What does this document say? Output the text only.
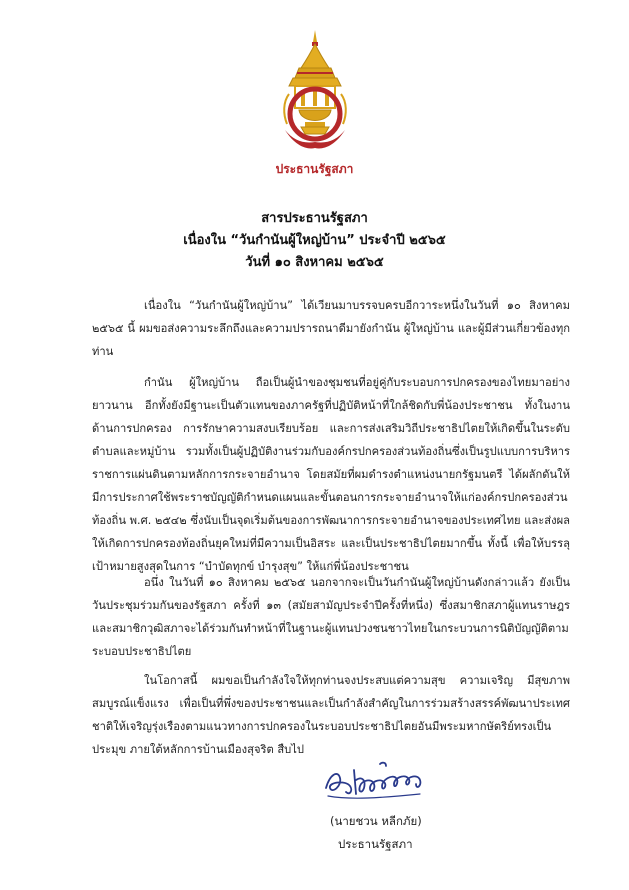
ประธานรัฐสภา
สารประธานรัฐสภา
เนื่องใน “วันกำนันผู้ใหญ่บ้าน” ประจำปี ๒๕๖๕
วันที่ ๑๐ สิงหาคม ๒๕๖๕

เนื่องใน “วันกำนันผู้ใหญ่บ้าน” ได้เวียนมาบรรจบครบอีกวาระหนึ่งในวันที่ ๑๐ สิงหาคม ๒๕๖๕ นี้ ผมขอส่งความระลึกถึงและความปรารถนาดีมายังกำนัน ผู้ใหญ่บ้าน และผู้มีส่วนเกี่ยวข้องทุกท่าน

กำนัน ผู้ใหญ่บ้าน ถือเป็นผู้นำของชุมชนที่อยู่คู่กับระบอบการปกครองของไทยมาอย่างยาวนาน อีกทั้งยังมีฐานะเป็นตัวแทนของภาครัฐที่ปฏิบัติหน้าที่ใกล้ชิดกับพี่น้องประชาชน ทั้งในงานด้านการปกครอง การรักษาความสงบเรียบร้อย และการส่งเสริมวิถีประชาธิปไตยให้เกิดขึ้นในระดับตำบลและหมู่บ้าน รวมทั้งเป็นผู้ปฏิบัติงานร่วมกับองค์กรปกครองส่วนท้องถิ่นซึ่งเป็นรูปแบบการบริหารราชการแผ่นดินตามหลักการกระจายอำนาจ โดยสมัยที่ผมดำรงตำแหน่งนายกรัฐมนตรี ได้ผลักดันให้มีการประกาศใช้พระราชบัญญัติกำหนดแผนและขั้นตอนการกระจายอำนาจให้แก่องค์กรปกครองส่วนท้องถิ่น พ.ศ. ๒๕๔๒ ซึ่งนับเป็นจุดเริ่มต้นของการพัฒนาการกระจายอำนาจของประเทศไทย และส่งผลให้เกิดการปกครองท้องถิ่นยุคใหม่ที่มีความเป็นอิสระ และเป็นประชาธิปไตยมากขึ้น ทั้งนี้ เพื่อให้บรรลุเป้าหมายสูงสุดในการ “บำบัดทุกข์ บำรุงสุข” ให้แก่พี่น้องประชาชน

อนึ่ง ในวันที่ ๑๐ สิงหาคม ๒๕๖๕ นอกจากจะเป็นวันกำนันผู้ใหญ่บ้านดังกล่าวแล้ว ยังเป็นวันประชุมร่วมกันของรัฐสภา ครั้งที่ ๑๓ (สมัยสามัญประจำปีครั้งที่หนึ่ง) ซึ่งสมาชิกสภาผู้แทนราษฎรและสมาชิกวุฒิสภาจะได้ร่วมกันทำหน้าที่ในฐานะผู้แทนปวงชนชาวไทยในกระบวนการนิติบัญญัติตามระบอบประชาธิปไตย

ในโอกาสนี้ ผมขอเป็นกำลังใจให้ทุกท่านจงประสบแต่ความสุข ความเจริญ มีสุขภาพสมบูรณ์แข็งแรง เพื่อเป็นที่พึ่งของประชาชนและเป็นกำลังสำคัญในการร่วมสร้างสรรค์พัฒนาประเทศชาติให้เจริญรุ่งเรืองตามแนวทางการปกครองในระบอบประชาธิปไตยอันมีพระมหากษัตริย์ทรงเป็นประมุข ภายใต้หลักการบ้านเมืองสุจริต สืบไป

(นายชวน หลีกภัย)
ประธานรัฐสภา
